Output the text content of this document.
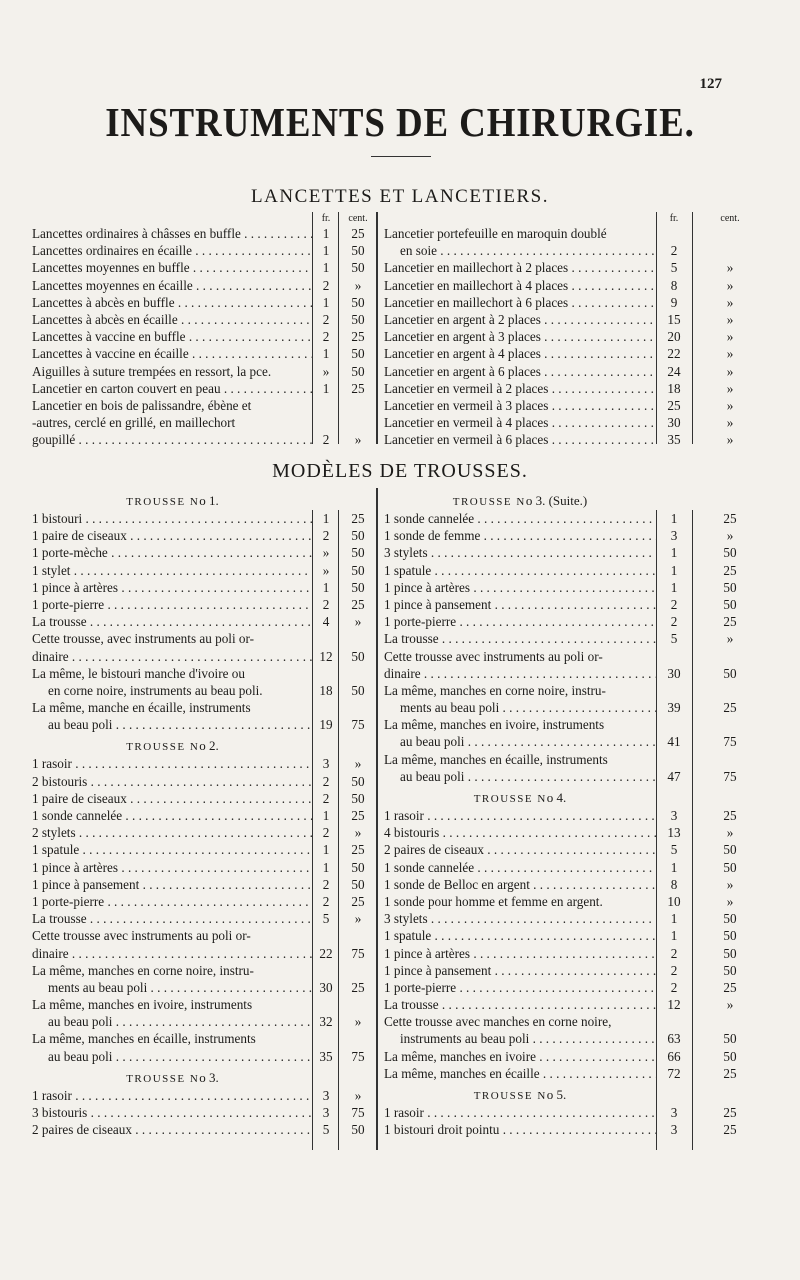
127
INSTRUMENTS DE CHIRURGIE.
LANCETTES ET LANCETIERS.
fr.	cent.
Lancettes ordinaires à châsses en buffle . . .	1	25
Lancettes ordinaires en écaille . . .	1	50
Lancettes moyennes en buffle . . .	1	50
Lancettes moyennes en écaille . . .	2	»
Lancettes à abcès en buffle . . .	1	50
Lancettes à abcès en écaille . . .	2	50
Lancettes à vaccine en buffle . . .	2	25
Lancettes à vaccine en écaille . . .	1	50
Aiguilles à suture trempées en ressort, la pce.	»	50
Lancetier en carton couvert en peau . . .	1	25
Lancetier en bois de palissandre, ébène et
-autres, cerclé en grillé, en maillechort
goupillé . . .	2	»
fr.	cent.
Lancetier portefeuille en maroquin doublé
en soie . . .	2
Lancetier en maillechort à 2 places . . .	5	»
Lancetier en maillechort à 4 places . . .	8	»
Lancetier en maillechort à 6 places . . .	9	»
Lancetier en argent à 2 places . . .	15	»
Lancetier en argent à 3 places . . .	20	»
Lancetier en argent à 4 places . . .	22	»
Lancetier en argent à 6 places . . .	24	»
Lancetier en vermeil à 2 places . . .	18	»
Lancetier en vermeil à 3 places . . .	25	»
Lancetier en vermeil à 4 places . . .	30	»
Lancetier en vermeil à 6 places . . .	35	»
MODÈLES DE TROUSSES.
TROUSSE No 1.
1 bistouri . . .	1	25
1 paire de ciseaux . . .	2	50
1 porte-mèche . . .	»	50
1 stylet . . .	»	50
1 pince à artères . . .	1	50
1 porte-pierre . . .	2	25
La trousse . . .	4	»
Cette trousse, avec instruments au poli or-
dinaire . . .	12	50
La même, le bistouri manche d'ivoire ou
en corne noire, instruments au beau poli.	18	50
La même, manche en écaille, instruments
au beau poli . . .	19	75
TROUSSE No 2.
1 rasoir . . .	3	»
2 bistouris . . .	2	50
1 paire de ciseaux . . .	2	50
1 sonde cannelée . . .	1	25
2 stylets . . .	2	»
1 spatule . . .	1	25
1 pince à artères . . .	1	50
1 pince à pansement . . .	2	50
1 porte-pierre . . .	2	25
La trousse . . .	5	»
Cette trousse avec instruments au poli or-
dinaire . . .	22	75
La même, manches en corne noire, instru-
ments au beau poli . . .	30	25
La même, manches en ivoire, instruments
au beau poli . . .	32	»
La même, manches en écaille, instruments
au beau poli . . .	35	75
TROUSSE No 3.
1 rasoir . . .	3	»
3 bistouris . . .	3	75
2 paires de ciseaux . . .	5	50
TROUSSE No 3. (Suite.)
1 sonde cannelée . . .	1	25
1 sonde de femme . . .	3	»
3 stylets . . .	1	50
1 spatule . . .	1	25
1 pince à artères . . .	1	50
1 pince à pansement . . .	2	50
1 porte-pierre . . .	2	25
La trousse . . .	5	»
Cette trousse avec instruments au poli or-
dinaire . . .	30	50
La même, manches en corne noire, instru-
ments au beau poli . . .	39	25
La même, manches en ivoire, instruments
au beau poli . . .	41	75
La même, manches en écaille, instruments
au beau poli . . .	47	75
TROUSSE No 4.
1 rasoir . . .	3	25
4 bistouris . . .	13	»
2 paires de ciseaux . . .	5	50
1 sonde cannelée . . .	1	50
1 sonde de Belloc en argent . . .	8	»
1 sonde pour homme et femme en argent.	10	»
3 stylets . . .	1	50
1 spatule . . .	1	50
1 pince à artères . . .	2	50
1 pince à pansement . . .	2	50
1 porte-pierre . . .	2	25
La trousse . . .	12	»
Cette trousse avec manches en corne noire,
instruments au beau poli . . .	63	50
La même, manches en ivoire . . .	66	50
La même, manches en écaille . . .	72	25
TROUSSE No 5.
1 rasoir . . .	3	25
1 bistouri droit pointu . . .	3	25
